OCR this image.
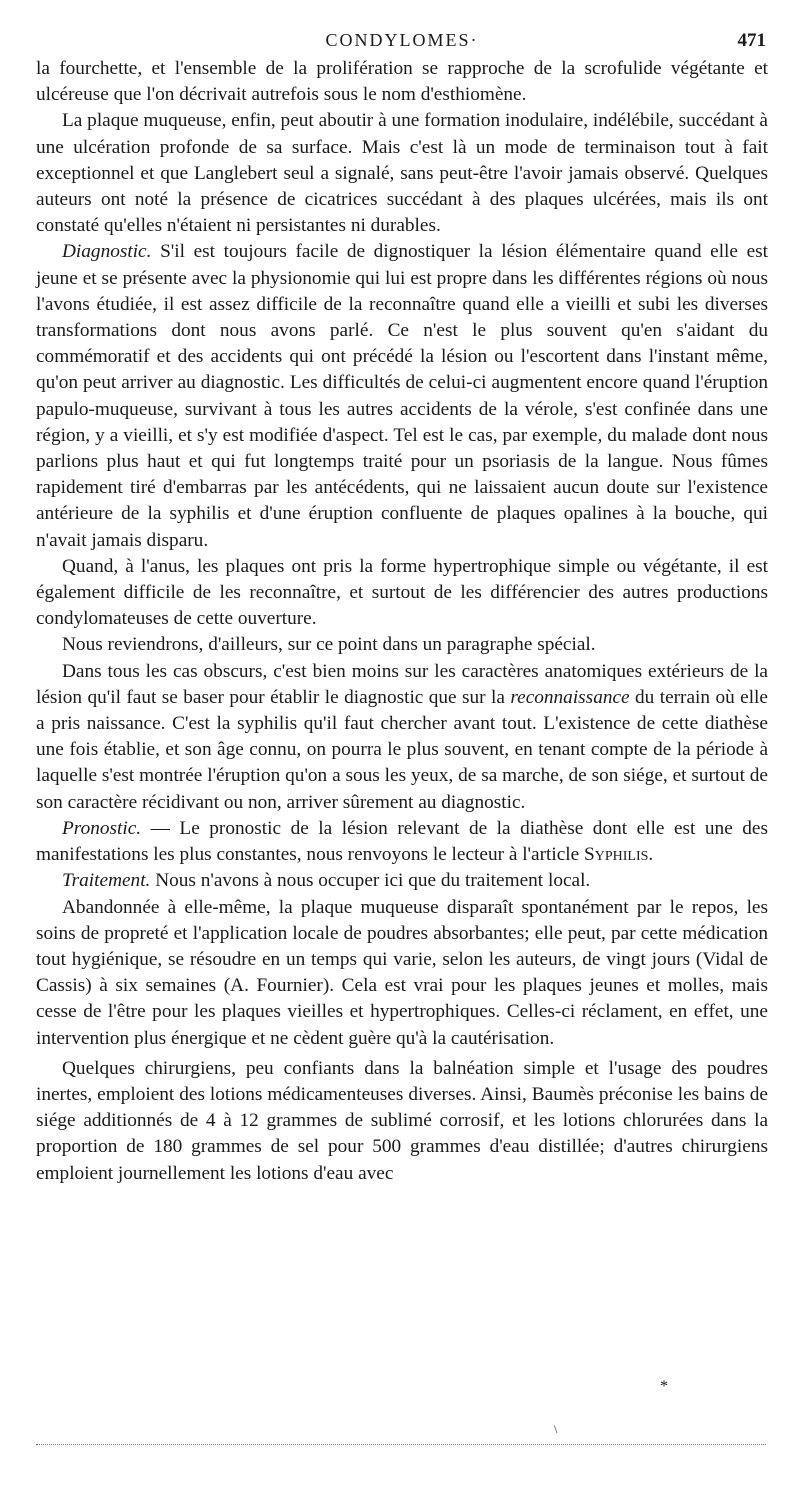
CONDYLOMES·	471

la fourchette, et l'ensemble de la prolifération se rapproche de la scrofulide végétante et ulcéreuse que l'on décrivait autrefois sous le nom d'esthiomène.

La plaque muqueuse, enfin, peut aboutir à une formation inodulaire, indélébile, succédant à une ulcération profonde de sa surface. Mais c'est là un mode de terminaison tout à fait exceptionnel et que Langlebert seul a signalé, sans peut-être l'avoir jamais observé. Quelques auteurs ont noté la présence de cicatrices succédant à des plaques ulcérées, mais ils ont constaté qu'elles n'étaient ni persistantes ni durables.

Diagnostic. S'il est toujours facile de dignostiquer la lésion élémentaire quand elle est jeune et se présente avec la physionomie qui lui est propre dans les différentes régions où nous l'avons étudiée, il est assez difficile de la reconnaître quand elle a vieilli et subi les diverses transformations dont nous avons parlé. Ce n'est le plus souvent qu'en s'aidant du commémoratif et des accidents qui ont précédé la lésion ou l'escortent dans l'instant même, qu'on peut arriver au diagnostic. Les difficultés de celui-ci augmentent encore quand l'éruption papulo-muqueuse, survivant à tous les autres accidents de la vérole, s'est confinée dans une région, y a vieilli, et s'y est modifiée d'aspect. Tel est le cas, par exemple, du malade dont nous parlions plus haut et qui fut longtemps traité pour un psoriasis de la langue. Nous fûmes rapidement tiré d'embarras par les antécédents, qui ne laissaient aucun doute sur l'existence antérieure de la syphilis et d'une éruption confluente de plaques opalines à la bouche, qui n'avait jamais disparu.

Quand, à l'anus, les plaques ont pris la forme hypertrophique simple ou végétante, il est également difficile de les reconnaître, et surtout de les différencier des autres productions condylomateuses de cette ouverture.

Nous reviendrons, d'ailleurs, sur ce point dans un paragraphe spécial.

Dans tous les cas obscurs, c'est bien moins sur les caractères anatomiques extérieurs de la lésion qu'il faut se baser pour établir le diagnostic que sur la reconnaissance du terrain où elle a pris naissance. C'est la syphilis qu'il faut chercher avant tout. L'existence de cette diathèse une fois établie, et son âge connu, on pourra le plus souvent, en tenant compte de la période à laquelle s'est montrée l'éruption qu'on a sous les yeux, de sa marche, de son siége, et surtout de son caractère récidivant ou non, arriver sûrement au diagnostic.

Pronostic. — Le pronostic de la lésion relevant de la diathèse dont elle est une des manifestations les plus constantes, nous renvoyons le lecteur à l'article Syphilis.

Traitement. Nous n'avons à nous occuper ici que du traitement local.

Abandonnée à elle-même, la plaque muqueuse disparaît spontanément par le repos, les soins de propreté et l'application locale de poudres absorbantes; elle peut, par cette médication tout hygiénique, se résoudre en un temps qui varie, selon les auteurs, de vingt jours (Vidal de Cassis) à six semaines (A. Fournier). Cela est vrai pour les plaques jeunes et molles, mais cesse de l'être pour les plaques vieilles et hypertrophiques. Celles-ci réclament, en effet, une intervention plus énergique et ne cèdent guère qu'à la cautérisation.

Quelques chirurgiens, peu confiants dans la balnéation simple et l'usage des poudres inertes, emploient des lotions médicamenteuses diverses. Ainsi, Baumès préconise les bains de siége additionnés de 4 à 12 grammes de sublimé corrosif, et les lotions chlorurées dans la proportion de 180 grammes de sel pour 500 grammes d'eau distillée; d'autres chirurgiens emploient journellement les lotions d'eau avec

*
\
